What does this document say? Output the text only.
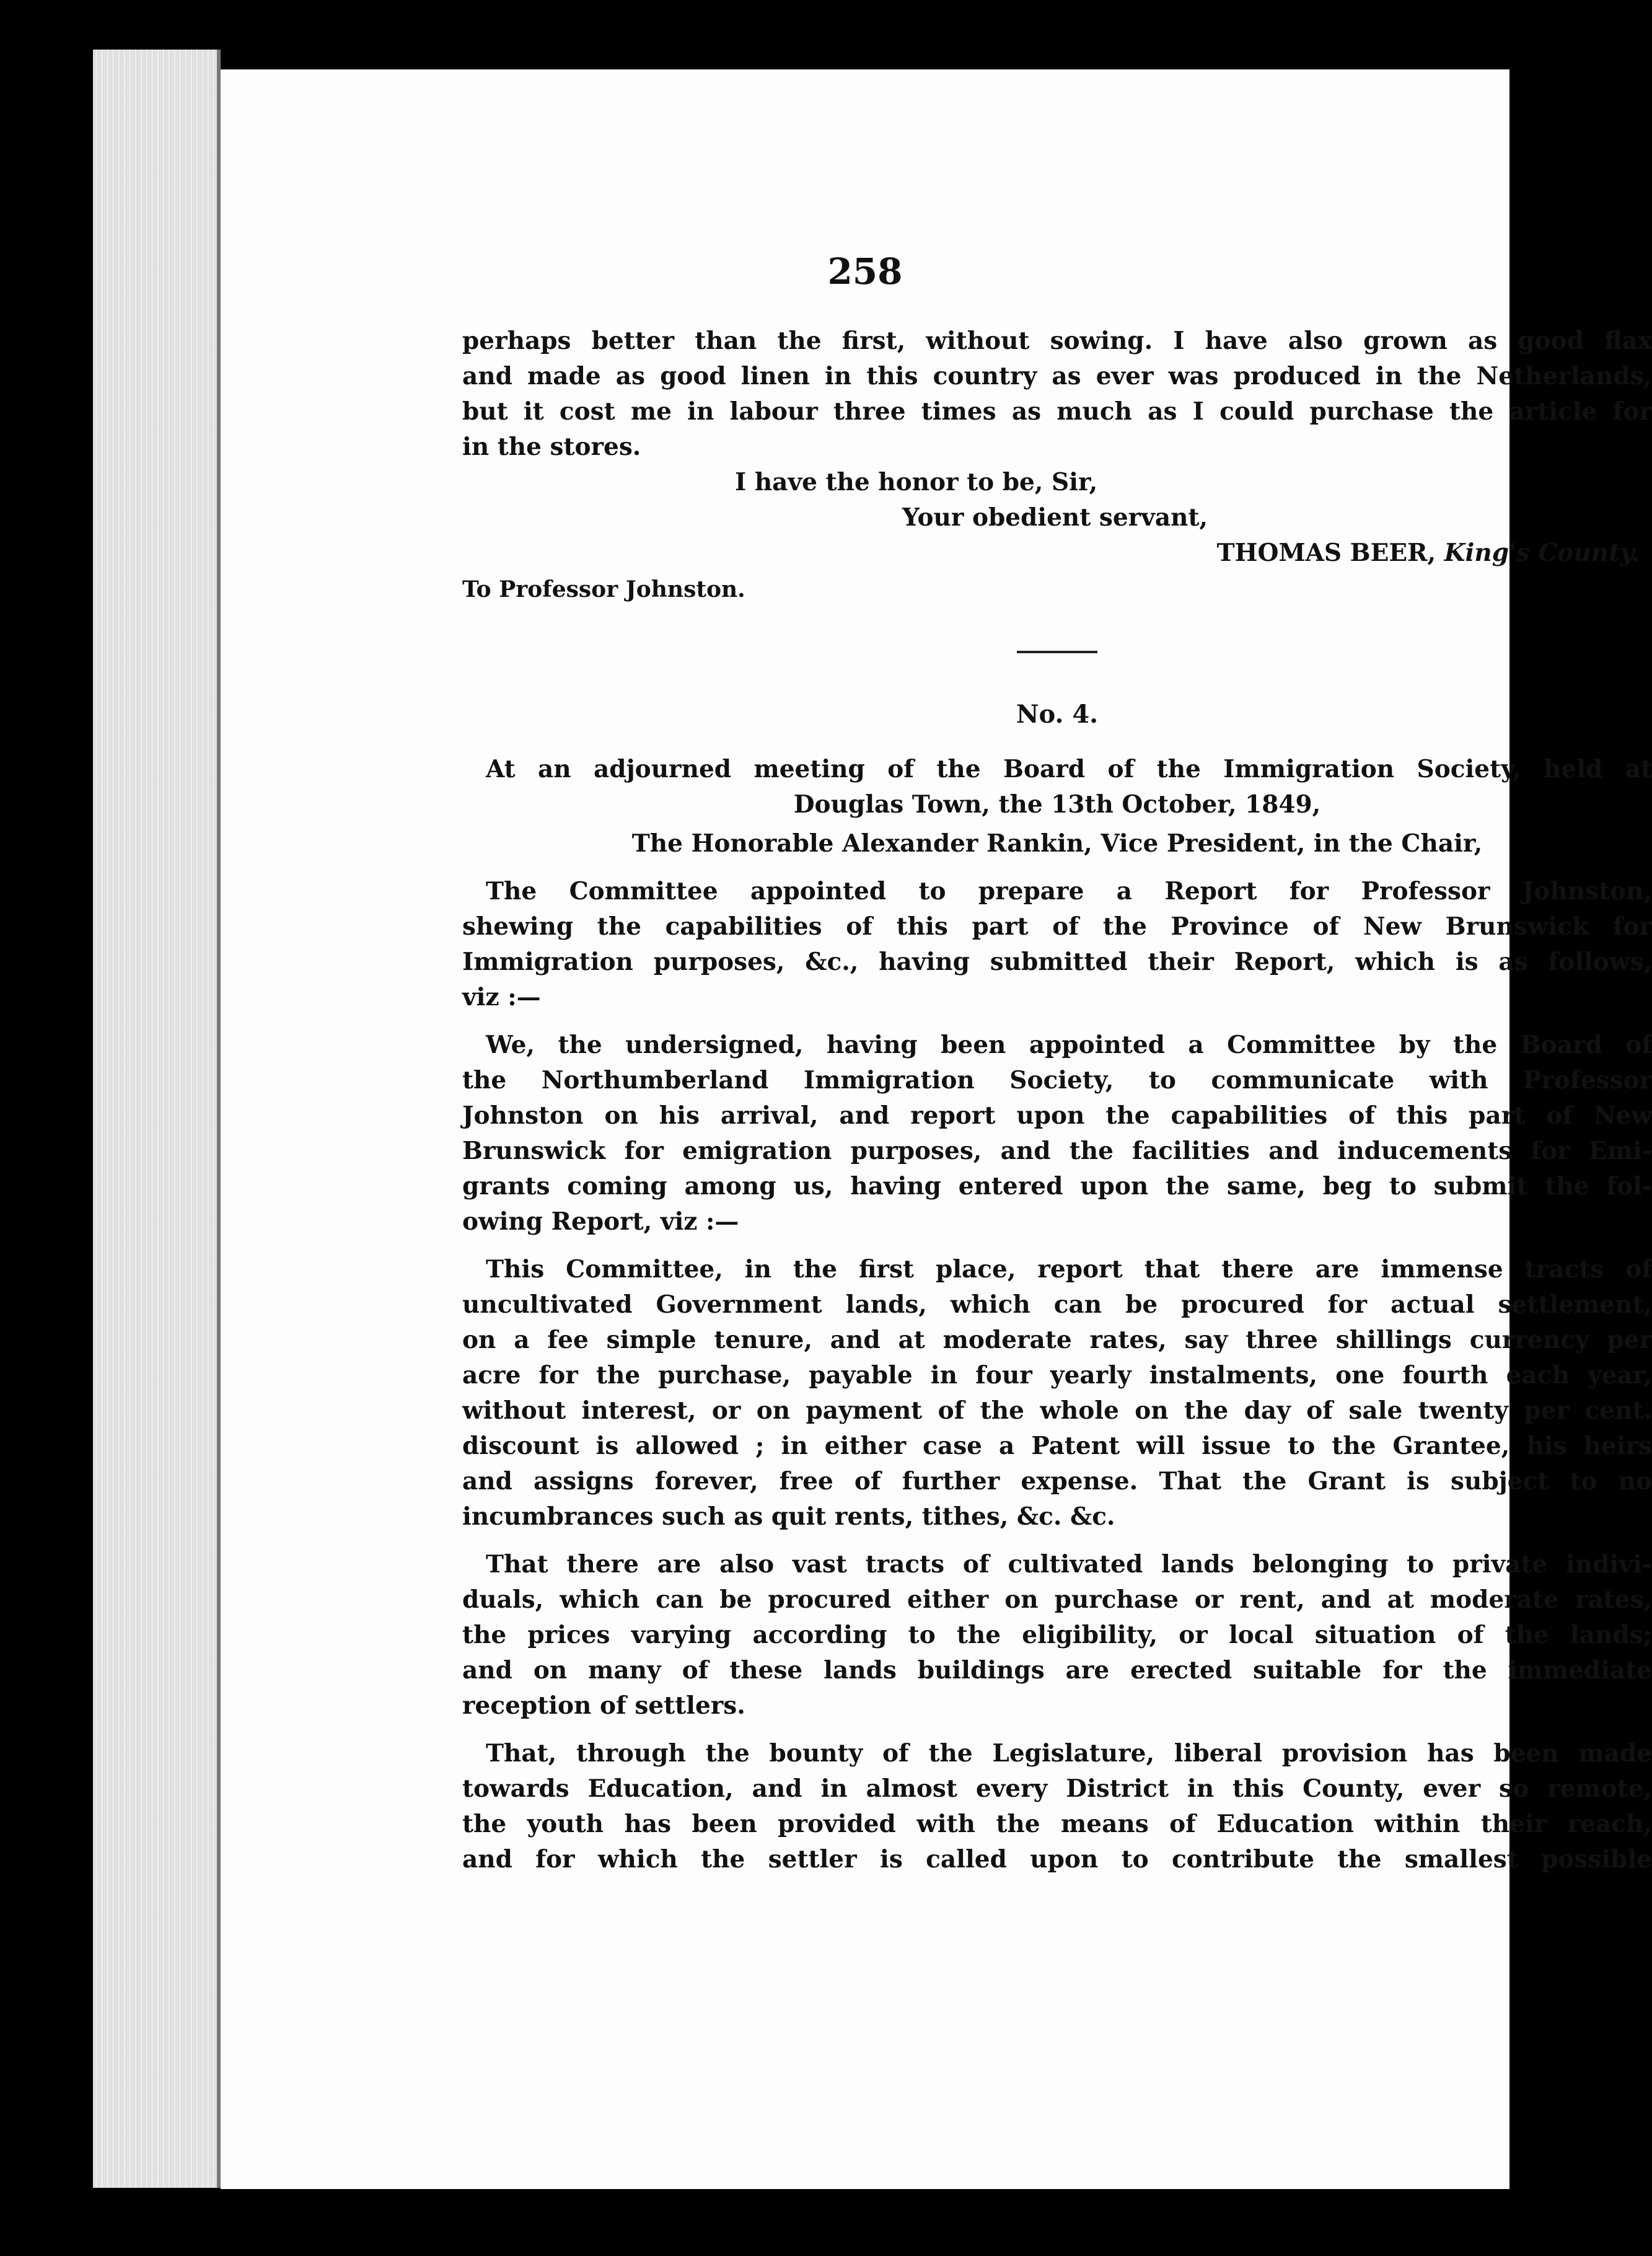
258
perhaps better than the first, without sowing. I have also grown as good flax
and made as good linen in this country as ever was produced in the Netherlands,
but it cost me in labour three times as much as I could purchase the article for
in the stores.
I have the honor to be, Sir,
Your obedient servant,
THOMAS BEER, King's County.
To Professor Johnston.
No. 4.
At an adjourned meeting of the Board of the Immigration Society, held at
Douglas Town, the 13th October, 1849,
The Honorable Alexander Rankin, Vice President, in the Chair,
The Committee appointed to prepare a Report for Professor Johnston,
shewing the capabilities of this part of the Province of New Brunswick for
Immigration purposes, &c., having submitted their Report, which is as follows,
viz :—
We, the undersigned, having been appointed a Committee by the Board of
the Northumberland Immigration Society, to communicate with Professor
Johnston on his arrival, and report upon the capabilities of this part of New
Brunswick for emigration purposes, and the facilities and inducements for Emi-
grants coming among us, having entered upon the same, beg to submit the fol-
owing Report, viz :—
This Committee, in the first place, report that there are immense tracts of
uncultivated Government lands, which can be procured for actual settlement,
on a fee simple tenure, and at moderate rates, say three shillings currency per
acre for the purchase, payable in four yearly instalments, one fourth each year,
without interest, or on payment of the whole on the day of sale twenty per cent.
discount is allowed ; in either case a Patent will issue to the Grantee, his heirs
and assigns forever, free of further expense. That the Grant is subject to no
incumbrances such as quit rents, tithes, &c. &c.
That there are also vast tracts of cultivated lands belonging to private indivi-
duals, which can be procured either on purchase or rent, and at moderate rates,
the prices varying according to the eligibility, or local situation of the lands;
and on many of these lands buildings are erected suitable for the immediate
reception of settlers.
That, through the bounty of the Legislature, liberal provision has been made
towards Education, and in almost every District in this County, ever so remote,
the youth has been provided with the means of Education within their reach,
and for which the settler is called upon to contribute the smallest possible
